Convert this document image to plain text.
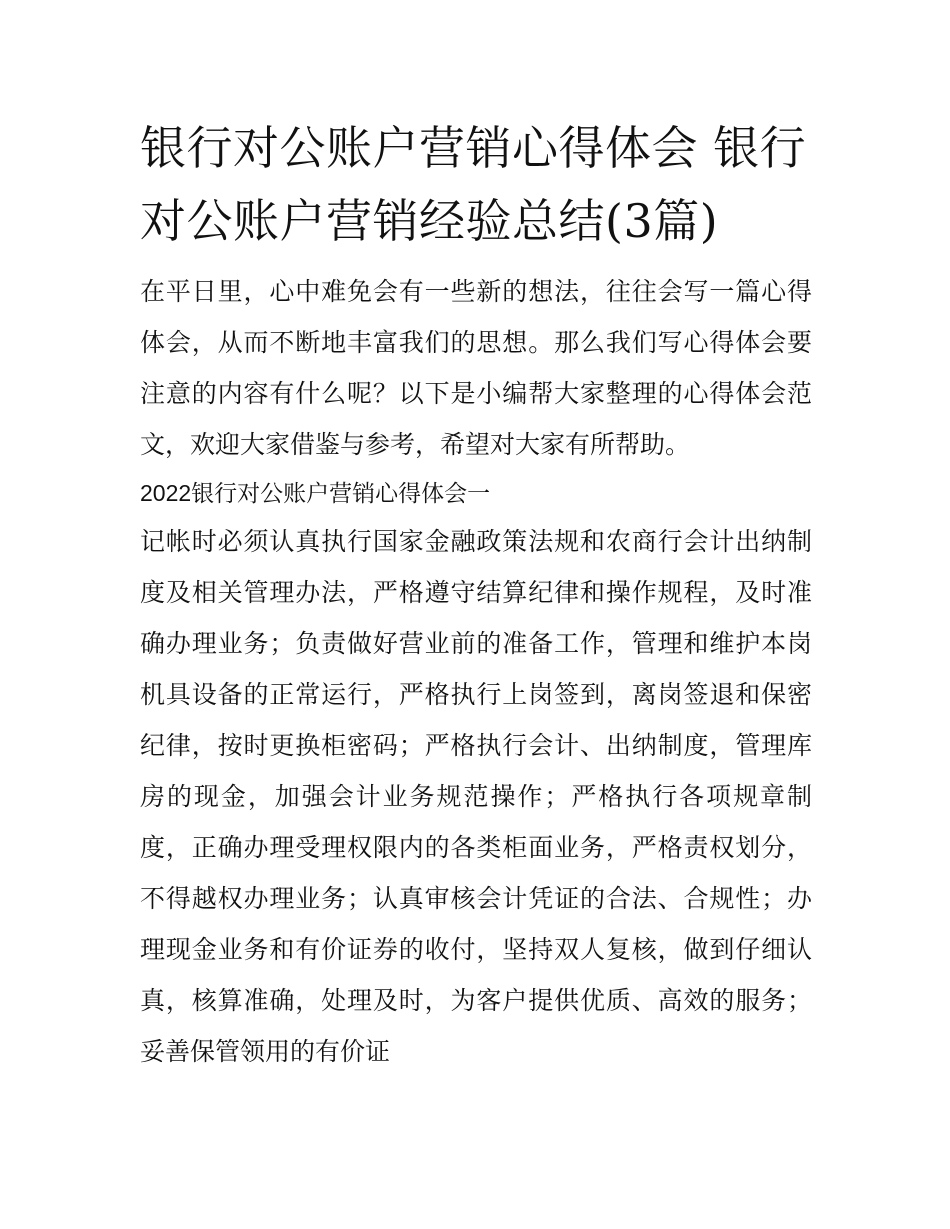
银行对公账户营销心得体会 银行对公账户营销经验总结(3篇)

在平日里，心中难免会有一些新的想法，往往会写一篇心得体会，从而不断地丰富我们的思想。那么我们写心得体会要注意的内容有什么呢？以下是小编帮大家整理的心得体会范文，欢迎大家借鉴与参考，希望对大家有所帮助。

2022银行对公账户营销心得体会一

记帐时必须认真执行国家金融政策法规和农商行会计出纳制度及相关管理办法，严格遵守结算纪律和操作规程，及时准确办理业务；负责做好营业前的准备工作，管理和维护本岗机具设备的正常运行，严格执行上岗签到，离岗签退和保密纪律，按时更换柜密码；严格执行会计、出纳制度，管理库房的现金，加强会计业务规范操作；严格执行各项规章制度，正确办理受理权限内的各类柜面业务，严格责权划分，不得越权办理业务；认真审核会计凭证的合法、合规性；办理现金业务和有价证券的收付，坚持双人复核，做到仔细认真，核算准确，处理及时，为客户提供优质、高效的服务；妥善保管领用的有价证
